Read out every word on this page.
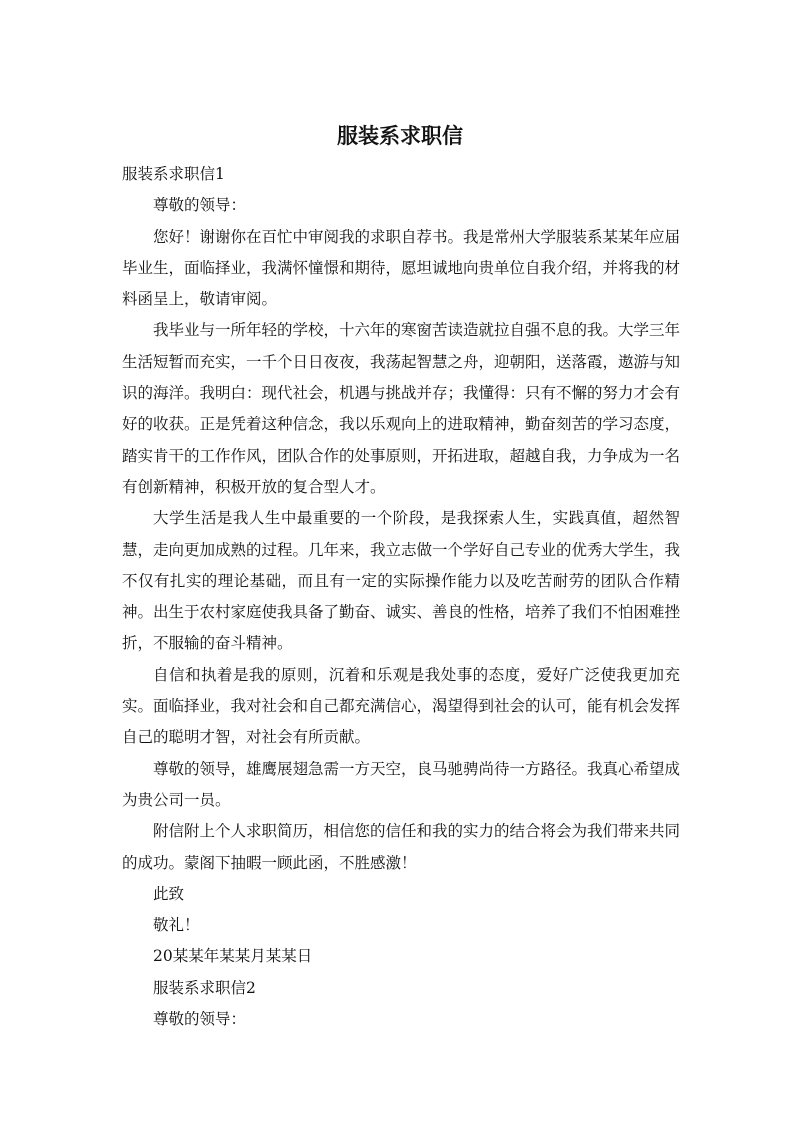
服装系求职信

服装系求职信1

尊敬的领导：

您好！谢谢你在百忙中审阅我的求职自荐书。我是常州大学服装系某某年应届毕业生，面临择业，我满怀憧憬和期待，愿坦诚地向贵单位自我介绍，并将我的材料函呈上，敬请审阅。

我毕业与一所年轻的学校，十六年的寒窗苦读造就拉自强不息的我。大学三年生活短暂而充实，一千个日日夜夜，我荡起智慧之舟，迎朝阳，送落霞，遨游与知识的海洋。我明白：现代社会，机遇与挑战并存；我懂得：只有不懈的努力才会有好的收获。正是凭着这种信念，我以乐观向上的进取精神，勤奋刻苦的学习态度，踏实肯干的工作作风，团队合作的处事原则，开拓进取，超越自我，力争成为一名有创新精神，积极开放的复合型人才。

大学生活是我人生中最重要的一个阶段，是我探索人生，实践真值，超然智慧，走向更加成熟的过程。几年来，我立志做一个学好自己专业的优秀大学生，我不仅有扎实的理论基础，而且有一定的实际操作能力以及吃苦耐劳的团队合作精神。出生于农村家庭使我具备了勤奋、诚实、善良的性格，培养了我们不怕困难挫折，不服输的奋斗精神。

自信和执着是我的原则，沉着和乐观是我处事的态度，爱好广泛使我更加充实。面临择业，我对社会和自己都充满信心，渴望得到社会的认可，能有机会发挥自己的聪明才智，对社会有所贡献。

尊敬的领导，雄鹰展翅急需一方天空，良马驰骋尚待一方路径。我真心希望成为贵公司一员。

附信附上个人求职简历，相信您的信任和我的实力的结合将会为我们带来共同的成功。蒙阁下抽暇一顾此函，不胜感激！

此致

敬礼！

20某某年某某月某某日

服装系求职信2

尊敬的领导：
